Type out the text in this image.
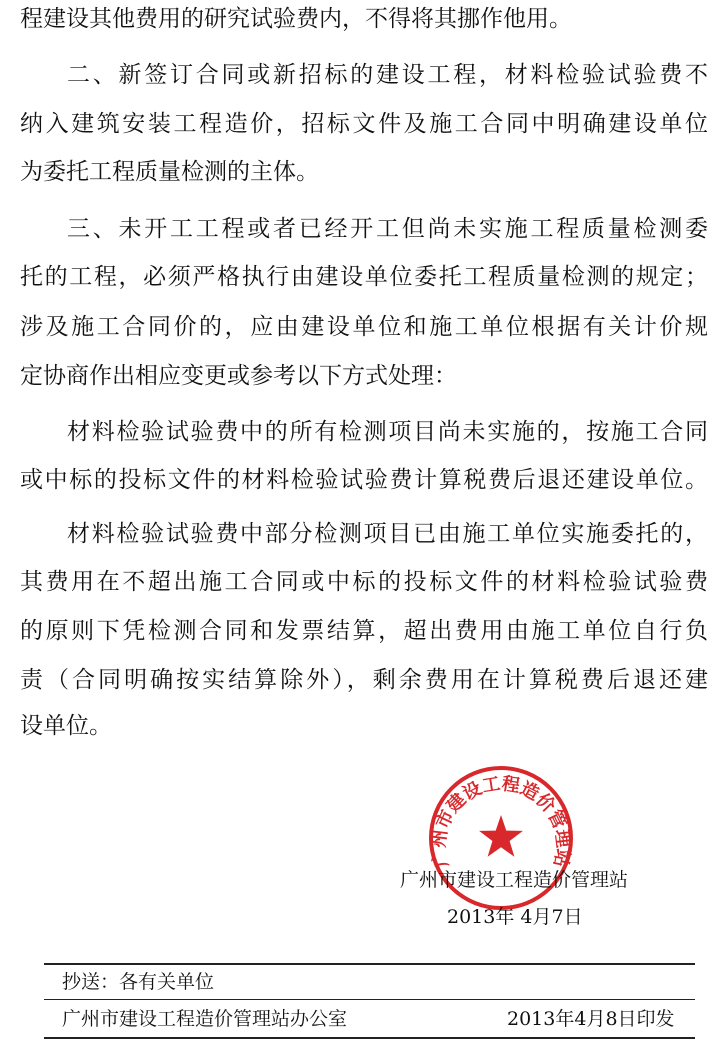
程建设其他费用的研究试验费内，不得将其挪作他用。
二、新签订合同或新招标的建设工程，材料检验试验费不
纳入建筑安装工程造价，招标文件及施工合同中明确建设单位
为委托工程质量检测的主体。
三、未开工工程或者已经开工但尚未实施工程质量检测委
托的工程，必须严格执行由建设单位委托工程质量检测的规定；
涉及施工合同价的，应由建设单位和施工单位根据有关计价规
定协商作出相应变更或参考以下方式处理：
材料检验试验费中的所有检测项目尚未实施的，按施工合同
或中标的投标文件的材料检验试验费计算税费后退还建设单位。
材料检验试验费中部分检测项目已由施工单位实施委托的，
其费用在不超出施工合同或中标的投标文件的材料检验试验费
的原则下凭检测合同和发票结算，超出费用由施工单位自行负
责（合同明确按实结算除外），剩余费用在计算税费后退还建
设单位。
广州市建设工程造价管理站
广州市建设工程造价管理站
2013年 4月7日
抄送：各有关单位
广州市建设工程造价管理站办公室	2013年4月8日印发
